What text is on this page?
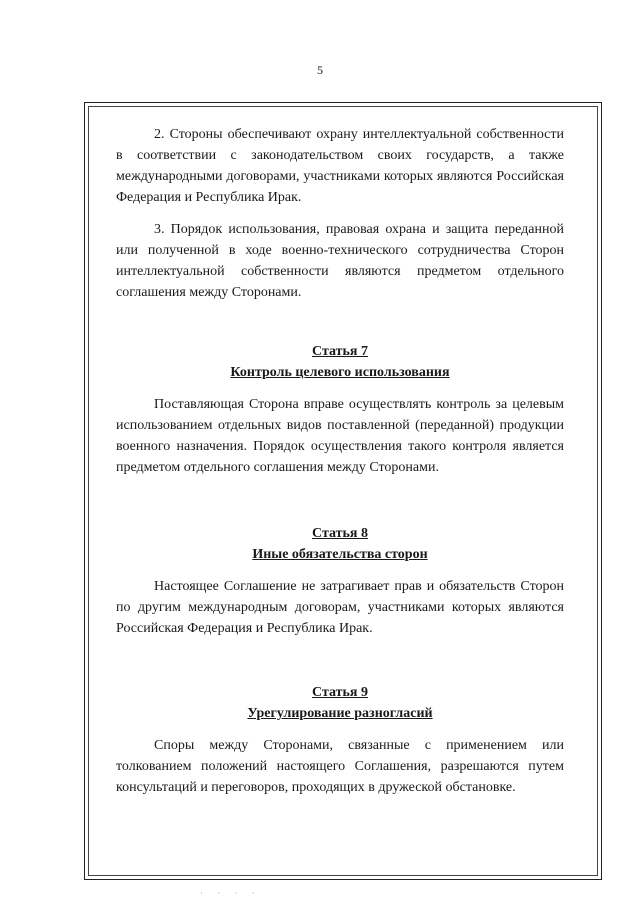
5

2. Стороны обеспечивают охрану интеллектуальной собственности в соответствии с законодательством своих государств, а также международными договорами, участниками которых являются Российская Федерация и Республика Ирак.

3. Порядок использования, правовая охрана и защита переданной или полученной в ходе военно-технического сотрудничества Сторон интеллектуальной собственности являются предметом отдельного соглашения между Сторонами.

Статья 7

Контроль целевого использования

Поставляющая Сторона вправе осуществлять контроль за целевым использованием отдельных видов поставленной (переданной) продукции военного назначения. Порядок осуществления такого контроля является предметом отдельного соглашения между Сторонами.

Статья 8

Иные обязательства сторон

Настоящее Соглашение не затрагивает прав и обязательств Сторон по другим международным договорам, участниками которых являются Российская Федерация и Республика Ирак.

Статья 9

Урегулирование разногласий

Споры между Сторонами, связанные с применением или толкованием положений настоящего Соглашения, разрешаются путем консультаций и переговоров, проходящих в дружеской обстановке.

· · · ·
